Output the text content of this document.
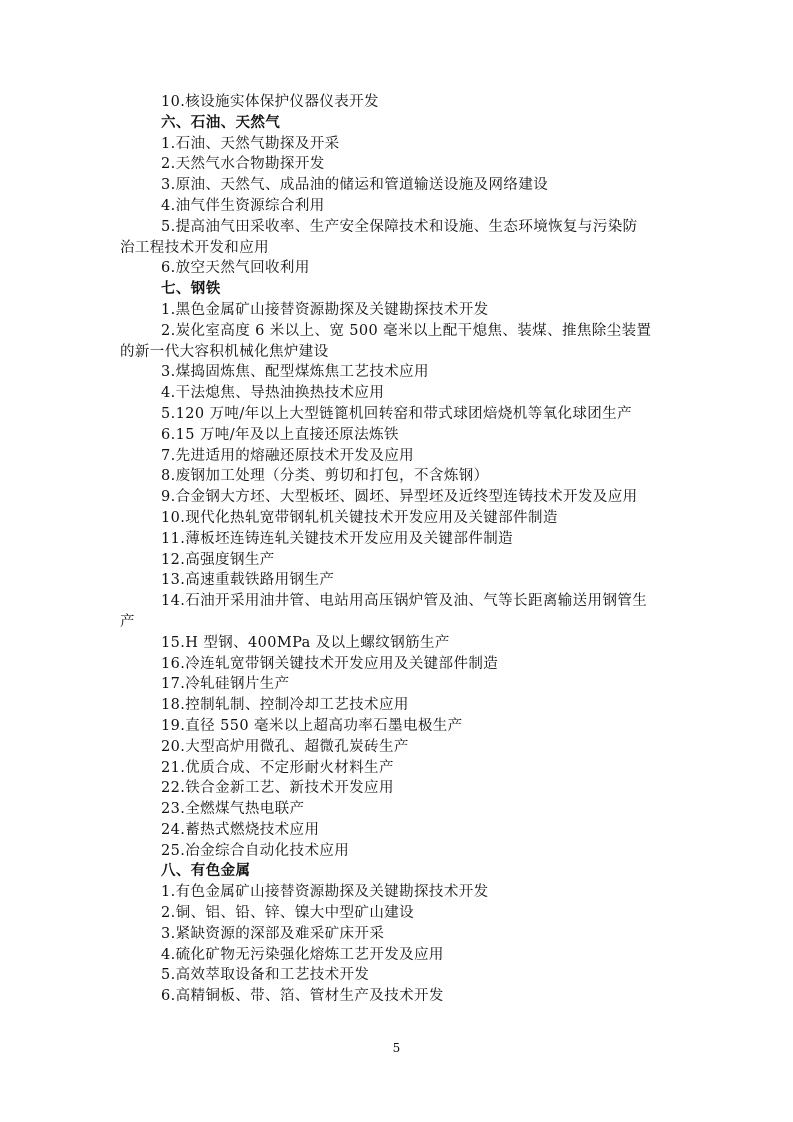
10.核设施实体保护仪器仪表开发
六、石油、天然气
1.石油、天然气勘探及开采
2.天然气水合物勘探开发
3.原油、天然气、成品油的储运和管道输送设施及网络建设
4.油气伴生资源综合利用
5.提高油气田采收率、生产安全保障技术和设施、生态环境恢复与污染防
治工程技术开发和应用
6.放空天然气回收利用
七、钢铁
1.黑色金属矿山接替资源勘探及关键勘探技术开发
2.炭化室高度 6 米以上、宽 500 毫米以上配干熄焦、装煤、推焦除尘装置
的新一代大容积机械化焦炉建设
3.煤捣固炼焦、配型煤炼焦工艺技术应用
4.干法熄焦、导热油换热技术应用
5.120 万吨/年以上大型链篦机回转窑和带式球团焙烧机等氧化球团生产
6.15 万吨/年及以上直接还原法炼铁
7.先进适用的熔融还原技术开发及应用
8.废钢加工处理（分类、剪切和打包，不含炼钢）
9.合金钢大方坯、大型板坯、圆坯、异型坯及近终型连铸技术开发及应用
10.现代化热轧宽带钢轧机关键技术开发应用及关键部件制造
11.薄板坯连铸连轧关键技术开发应用及关键部件制造
12.高强度钢生产
13.高速重载铁路用钢生产
14.石油开采用油井管、电站用高压锅炉管及油、气等长距离输送用钢管生
产
15.H 型钢、400MPa 及以上螺纹钢筋生产
16.冷连轧宽带钢关键技术开发应用及关键部件制造
17.冷轧硅钢片生产
18.控制轧制、控制冷却工艺技术应用
19.直径 550 毫米以上超高功率石墨电极生产
20.大型高炉用微孔、超微孔炭砖生产
21.优质合成、不定形耐火材料生产
22.铁合金新工艺、新技术开发应用
23.全燃煤气热电联产
24.蓄热式燃烧技术应用
25.冶金综合自动化技术应用
八、有色金属
1.有色金属矿山接替资源勘探及关键勘探技术开发
2.铜、铝、铅、锌、镍大中型矿山建设
3.紧缺资源的深部及难采矿床开采
4.硫化矿物无污染强化熔炼工艺开发及应用
5.高效萃取设备和工艺技术开发
6.高精铜板、带、箔、管材生产及技术开发
5
